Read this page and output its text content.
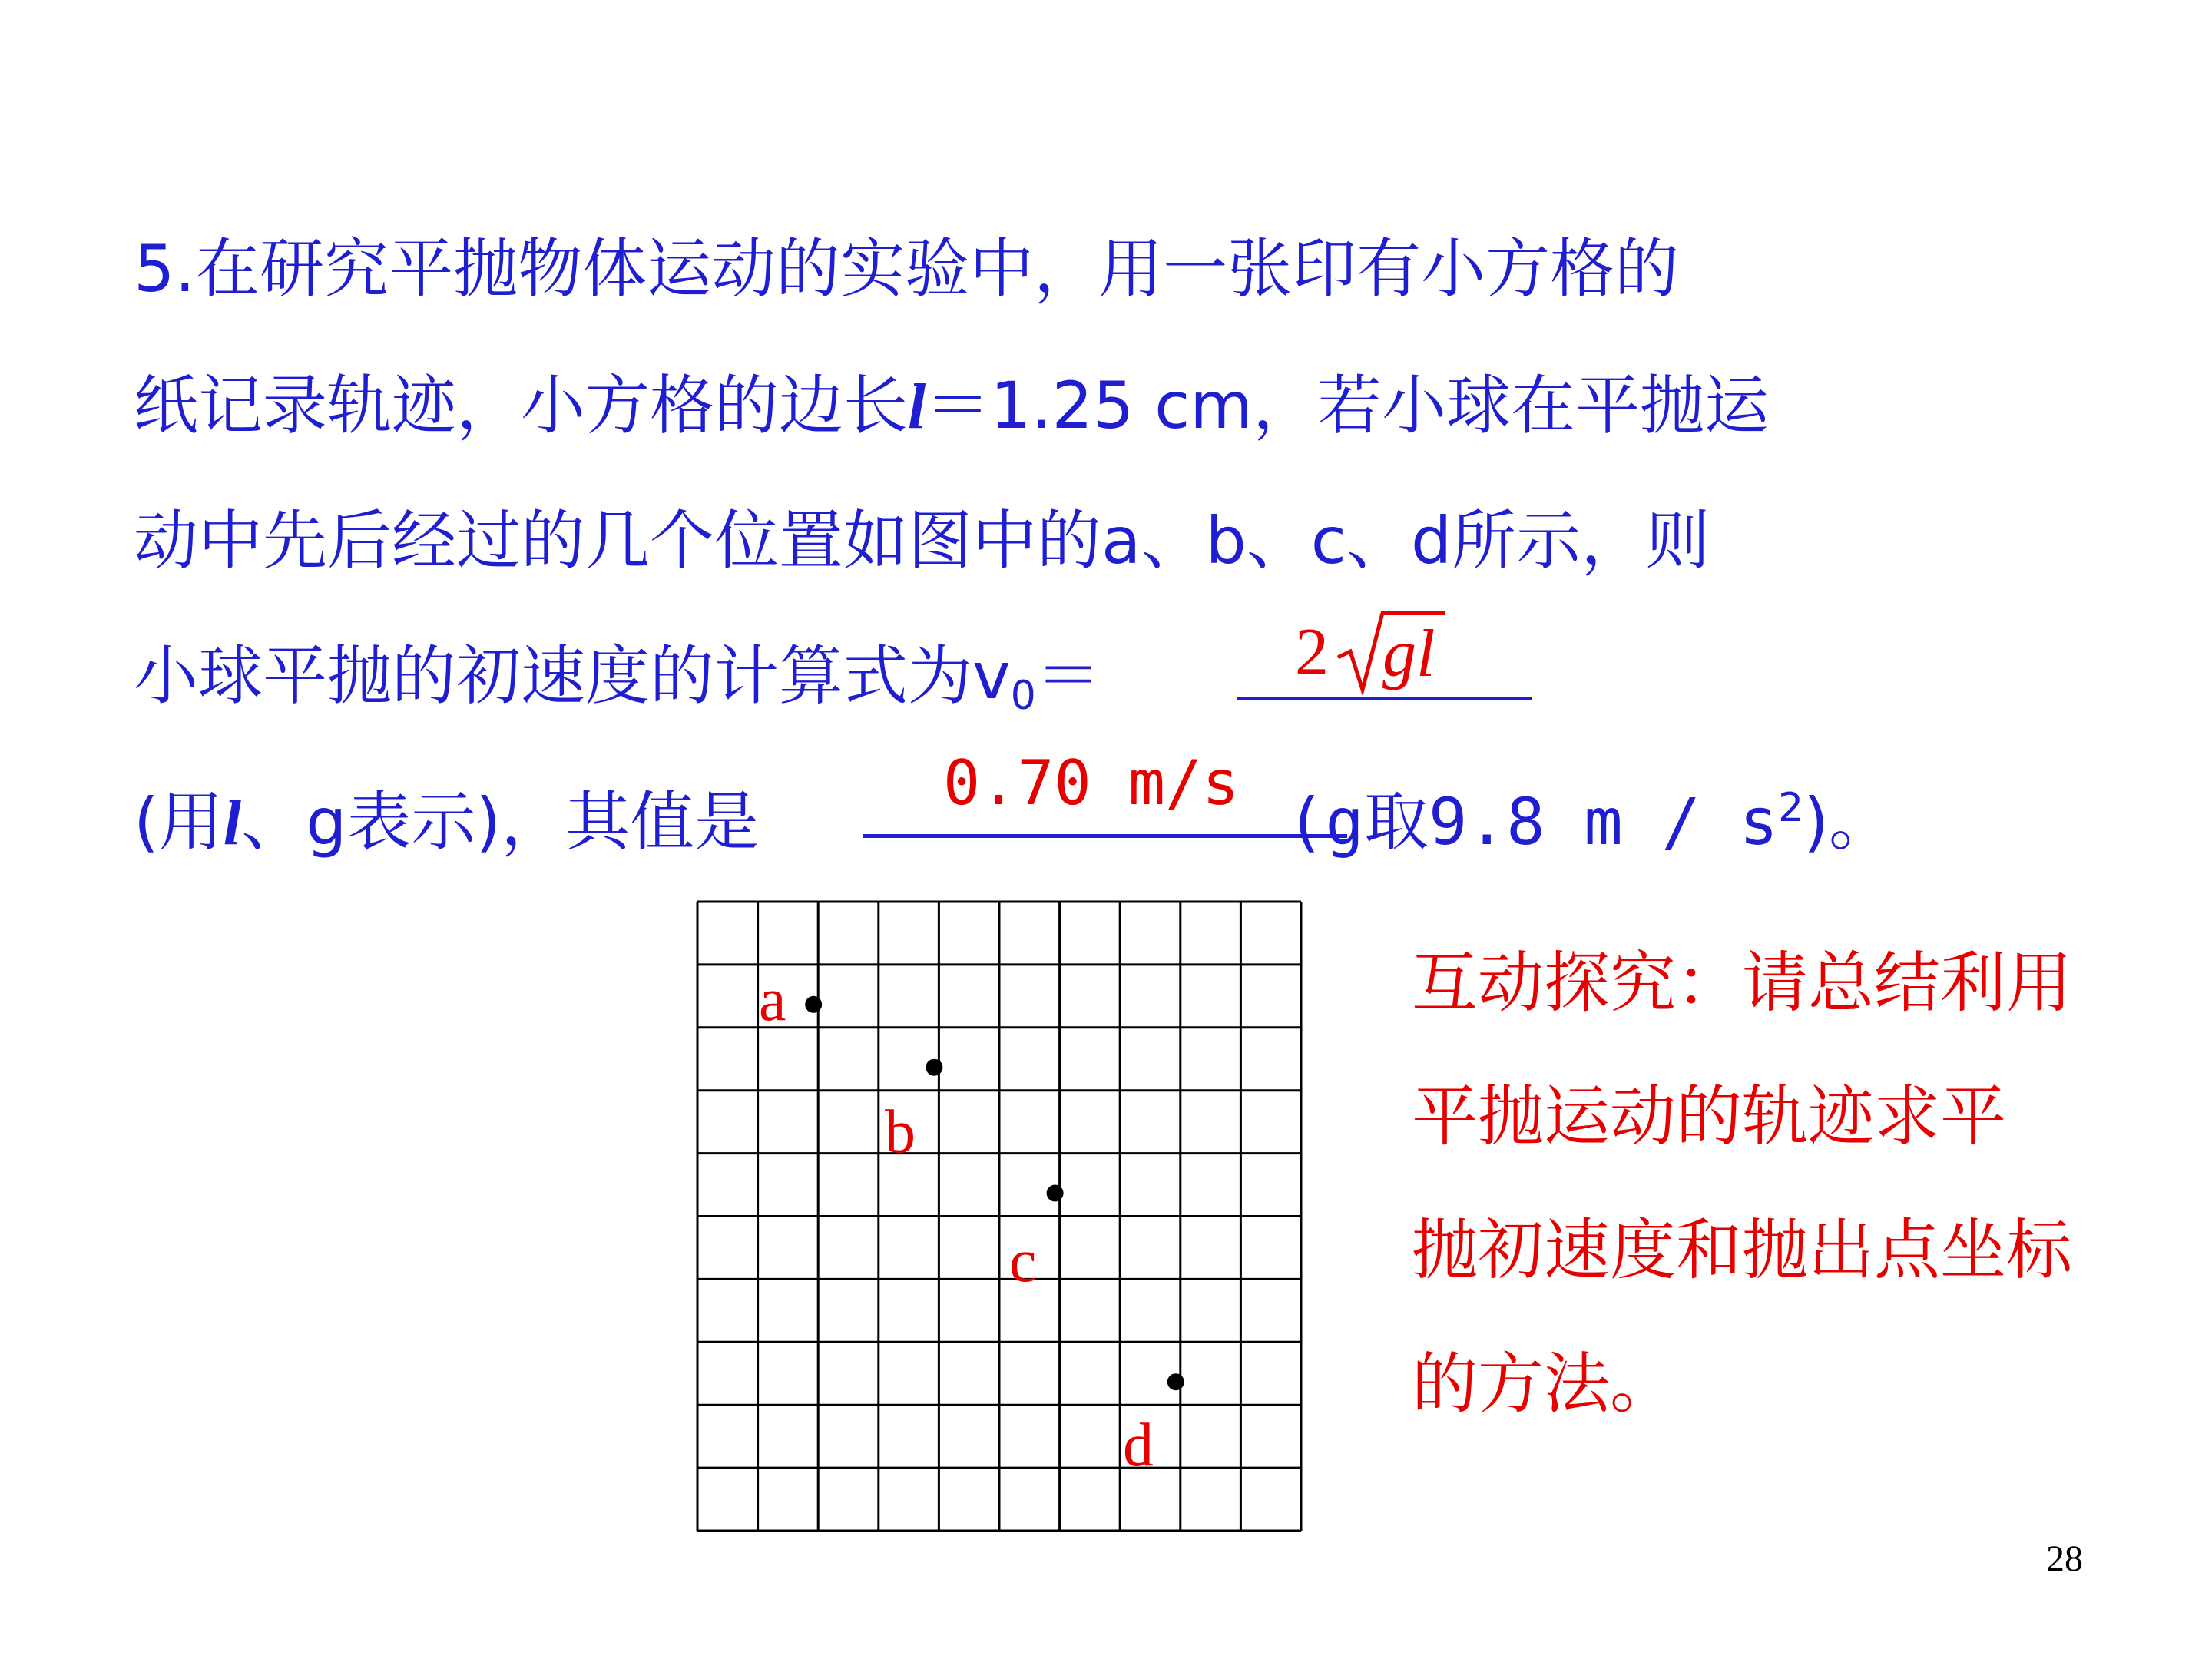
5.在研究平抛物体运动的实验中，用一张印有小方格的
纸记录轨迹，小方格的边长l＝1.25 cm，若小球在平抛运
动中先后经过的几个位置如图中的a、b、c、d所示，则
小球平抛的初速度的计算式为$v_0=$	2 gl
(用l、g表示)，其值是	(g取9.8 m / $s^2$)。
0.70 m/s
a
b
c
d
互动探究：请总结利用
平抛运动的轨迹求平
抛初速度和抛出点坐标
的方法。
28
